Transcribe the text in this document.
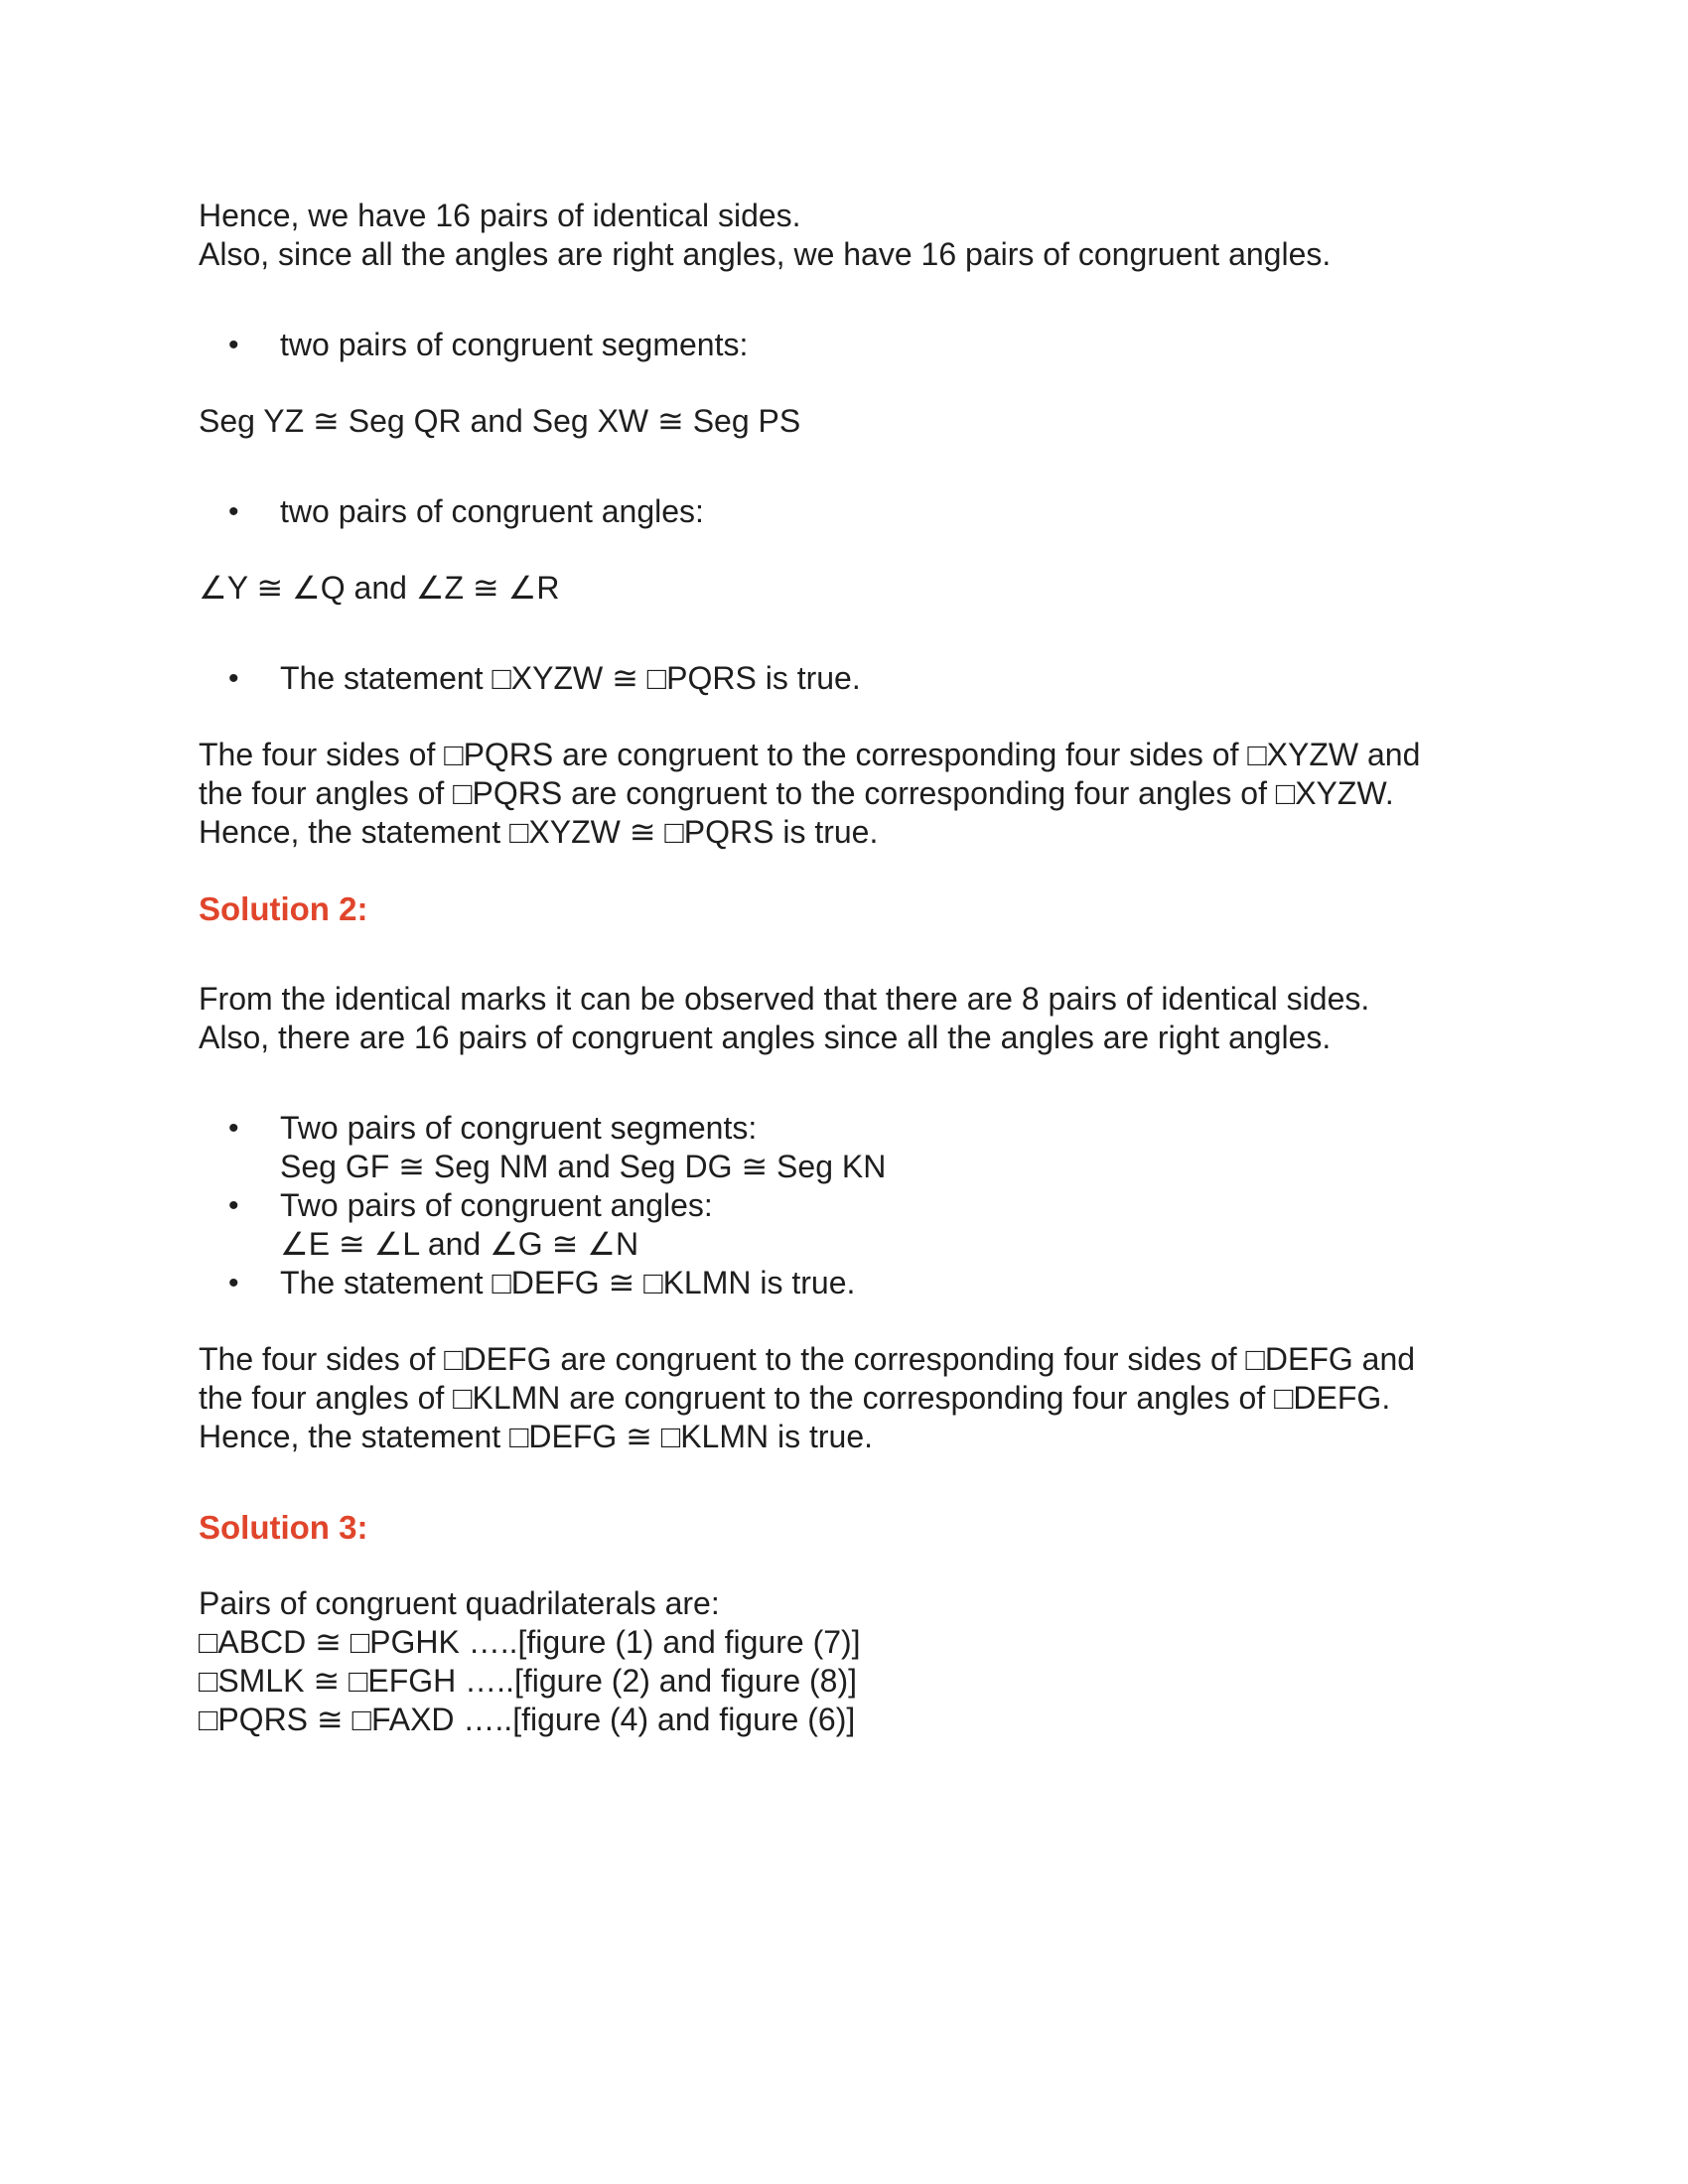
Hence, we have 16 pairs of identical sides.

Also, since all the angles are right angles, we have 16 pairs of congruent angles.

• two pairs of congruent segments:

Seg YZ ≅ Seg QR and Seg XW ≅ Seg PS

• two pairs of congruent angles:

∠Y ≅ ∠Q and ∠Z ≅ ∠R

• The statement □XYZW ≅ □PQRS is true.

The four sides of □PQRS are congruent to the corresponding four sides of □XYZW and

the four angles of □PQRS are congruent to the corresponding four angles of □XYZW.

Hence, the statement □XYZW ≅ □PQRS is true.

Solution 2:

From the identical marks it can be observed that there are 8 pairs of identical sides.

Also, there are 16 pairs of congruent angles since all the angles are right angles.

• Two pairs of congruent segments:
Seg GF ≅ Seg NM and Seg DG ≅ Seg KN
• Two pairs of congruent angles:
∠E ≅ ∠L and ∠G ≅ ∠N
• The statement □DEFG ≅ □KLMN is true.

The four sides of □DEFG are congruent to the corresponding four sides of □DEFG and

the four angles of □KLMN are congruent to the corresponding four angles of □DEFG.

Hence, the statement □DEFG ≅ □KLMN is true.

Solution 3:

Pairs of congruent quadrilaterals are:

□ABCD ≅ □PGHK …..[figure (1) and figure (7)]

□SMLK ≅ □EFGH …..[figure (2) and figure (8)]

□PQRS ≅ □FAXD …..[figure (4) and figure (6)]
